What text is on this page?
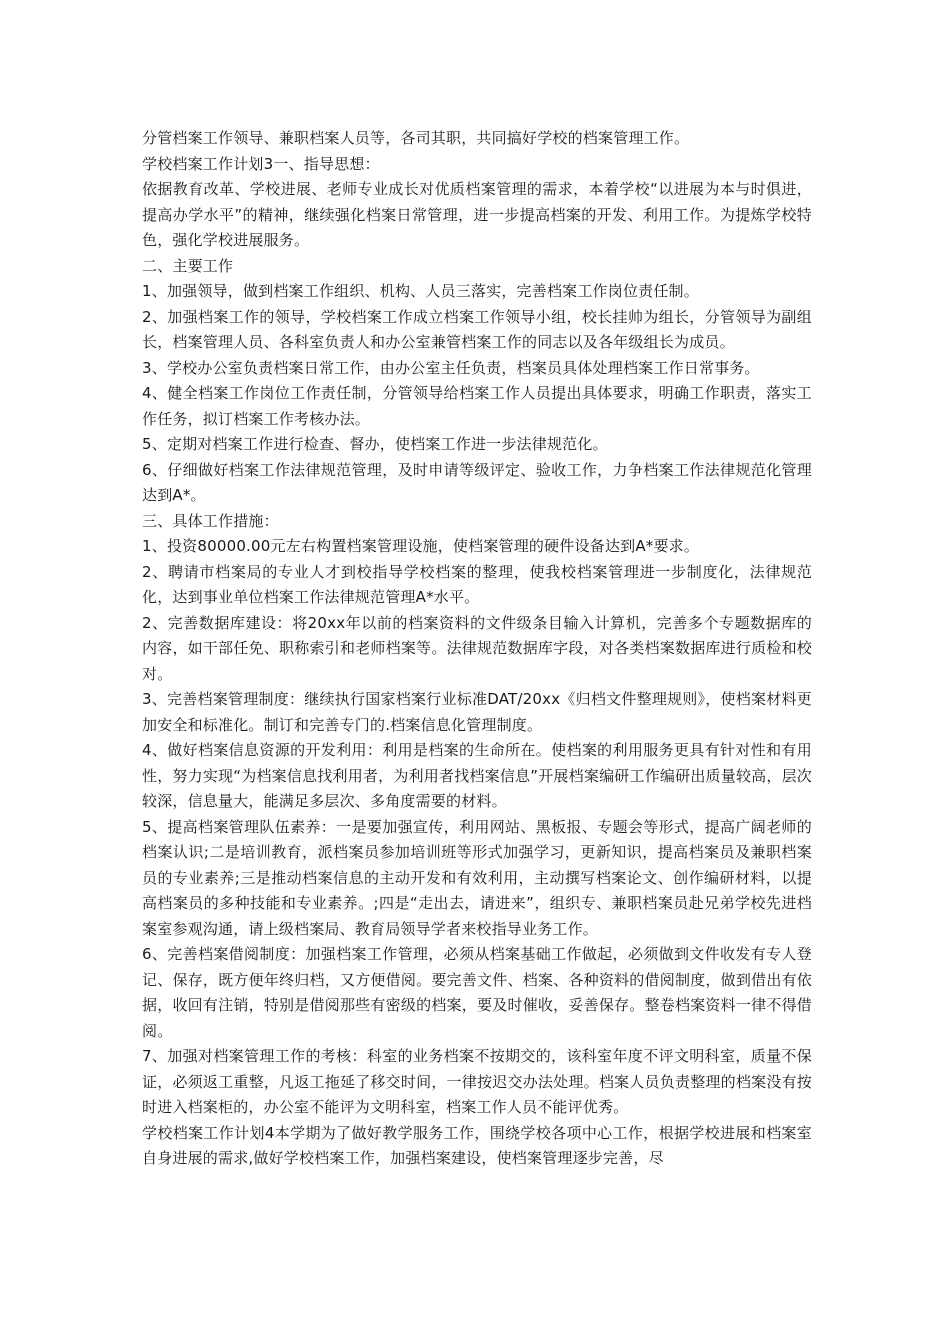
分管档案工作领导、兼职档案人员等，各司其职，共同搞好学校的档案管理工作。

学校档案工作计划3一、指导思想：

依据教育改革、学校进展、老师专业成长对优质档案管理的需求，本着学校“以进展为本与时俱进，提高办学水平”的精神，继续强化档案日常管理，进一步提高档案的开发、利用工作。为提炼学校特色，强化学校进展服务。

二、主要工作

1、加强领导，做到档案工作组织、机构、人员三落实，完善档案工作岗位责任制。

2、加强档案工作的领导，学校档案工作成立档案工作领导小组，校长挂帅为组长，分管领导为副组长，档案管理人员、各科室负责人和办公室兼管档案工作的同志以及各年级组长为成员。

3、学校办公室负责档案日常工作，由办公室主任负责，档案员具体处理档案工作日常事务。

4、健全档案工作岗位工作责任制，分管领导给档案工作人员提出具体要求，明确工作职责，落实工作任务，拟订档案工作考核办法。

5、定期对档案工作进行检查、督办，使档案工作进一步法律规范化。

6、仔细做好档案工作法律规范管理，及时申请等级评定、验收工作，力争档案工作法律规范化管理达到A*。

三、具体工作措施：

1、投资80000.00元左右构置档案管理设施，使档案管理的硬件设备达到A*要求。

2、聘请市档案局的专业人才到校指导学校档案的整理，使我校档案管理进一步制度化，法律规范化，达到事业单位档案工作法律规范管理A*水平。

2、完善数据库建设：将20xx年以前的档案资料的文件级条目输入计算机，完善多个专题数据库的内容，如干部任免、职称索引和老师档案等。法律规范数据库字段，对各类档案数据库进行质检和校对。

3、完善档案管理制度：继续执行国家档案行业标准DAT/20xx《归档文件整理规则》，使档案材料更加安全和标准化。制订和完善专门的.档案信息化管理制度。

4、做好档案信息资源的开发利用：利用是档案的生命所在。使档案的利用服务更具有针对性和有用性，努力实现“为档案信息找利用者，为利用者找档案信息”开展档案编研工作编研出质量较高，层次较深，信息量大，能满足多层次、多角度需要的材料。

5、提高档案管理队伍素养：一是要加强宣传，利用网站、黑板报、专题会等形式，提高广阔老师的档案认识;二是培训教育，派档案员参加培训班等形式加强学习，更新知识，提高档案员及兼职档案员的专业素养;三是推动档案信息的主动开发和有效利用，主动撰写档案论文、创作编研材料，以提高档案员的多种技能和专业素养。;四是“走出去，请进来”，组织专、兼职档案员赴兄弟学校先进档案室参观沟通，请上级档案局、教育局领导学者来校指导业务工作。

6、完善档案借阅制度：加强档案工作管理，必须从档案基础工作做起，必须做到文件收发有专人登记、保存，既方便年终归档，又方便借阅。要完善文件、档案、各种资料的借阅制度，做到借出有依据，收回有注销，特别是借阅那些有密级的档案，要及时催收，妥善保存。整卷档案资料一律不得借阅。

7、加强对档案管理工作的考核：科室的业务档案不按期交的，该科室年度不评文明科室，质量不保证，必须返工重整，凡返工拖延了移交时间，一律按迟交办法处理。档案人员负责整理的档案没有按时进入档案柜的，办公室不能评为文明科室，档案工作人员不能评优秀。

学校档案工作计划4本学期为了做好教学服务工作，围绕学校各项中心工作，根据学校进展和档案室自身进展的需求,做好学校档案工作，加强档案建设，使档案管理逐步完善，尽
